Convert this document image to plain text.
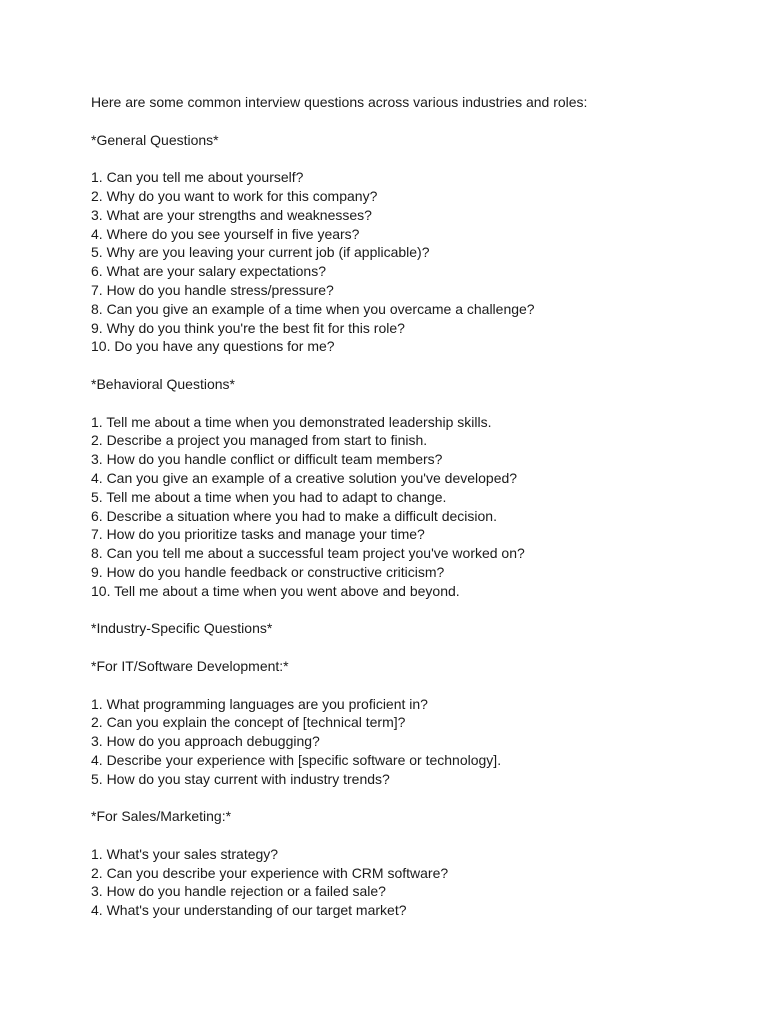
Here are some common interview questions across various industries and roles:
*General Questions*
1. Can you tell me about yourself?
2. Why do you want to work for this company?
3. What are your strengths and weaknesses?
4. Where do you see yourself in five years?
5. Why are you leaving your current job (if applicable)?
6. What are your salary expectations?
7. How do you handle stress/pressure?
8. Can you give an example of a time when you overcame a challenge?
9. Why do you think you're the best fit for this role?
10. Do you have any questions for me?
*Behavioral Questions*
1. Tell me about a time when you demonstrated leadership skills.
2. Describe a project you managed from start to finish.
3. How do you handle conflict or difficult team members?
4. Can you give an example of a creative solution you've developed?
5. Tell me about a time when you had to adapt to change.
6. Describe a situation where you had to make a difficult decision.
7. How do you prioritize tasks and manage your time?
8. Can you tell me about a successful team project you've worked on?
9. How do you handle feedback or constructive criticism?
10. Tell me about a time when you went above and beyond.
*Industry-Specific Questions*
*For IT/Software Development:*
1. What programming languages are you proficient in?
2. Can you explain the concept of [technical term]?
3. How do you approach debugging?
4. Describe your experience with [specific software or technology].
5. How do you stay current with industry trends?
*For Sales/Marketing:*
1. What's your sales strategy?
2. Can you describe your experience with CRM software?
3. How do you handle rejection or a failed sale?
4. What's your understanding of our target market?
